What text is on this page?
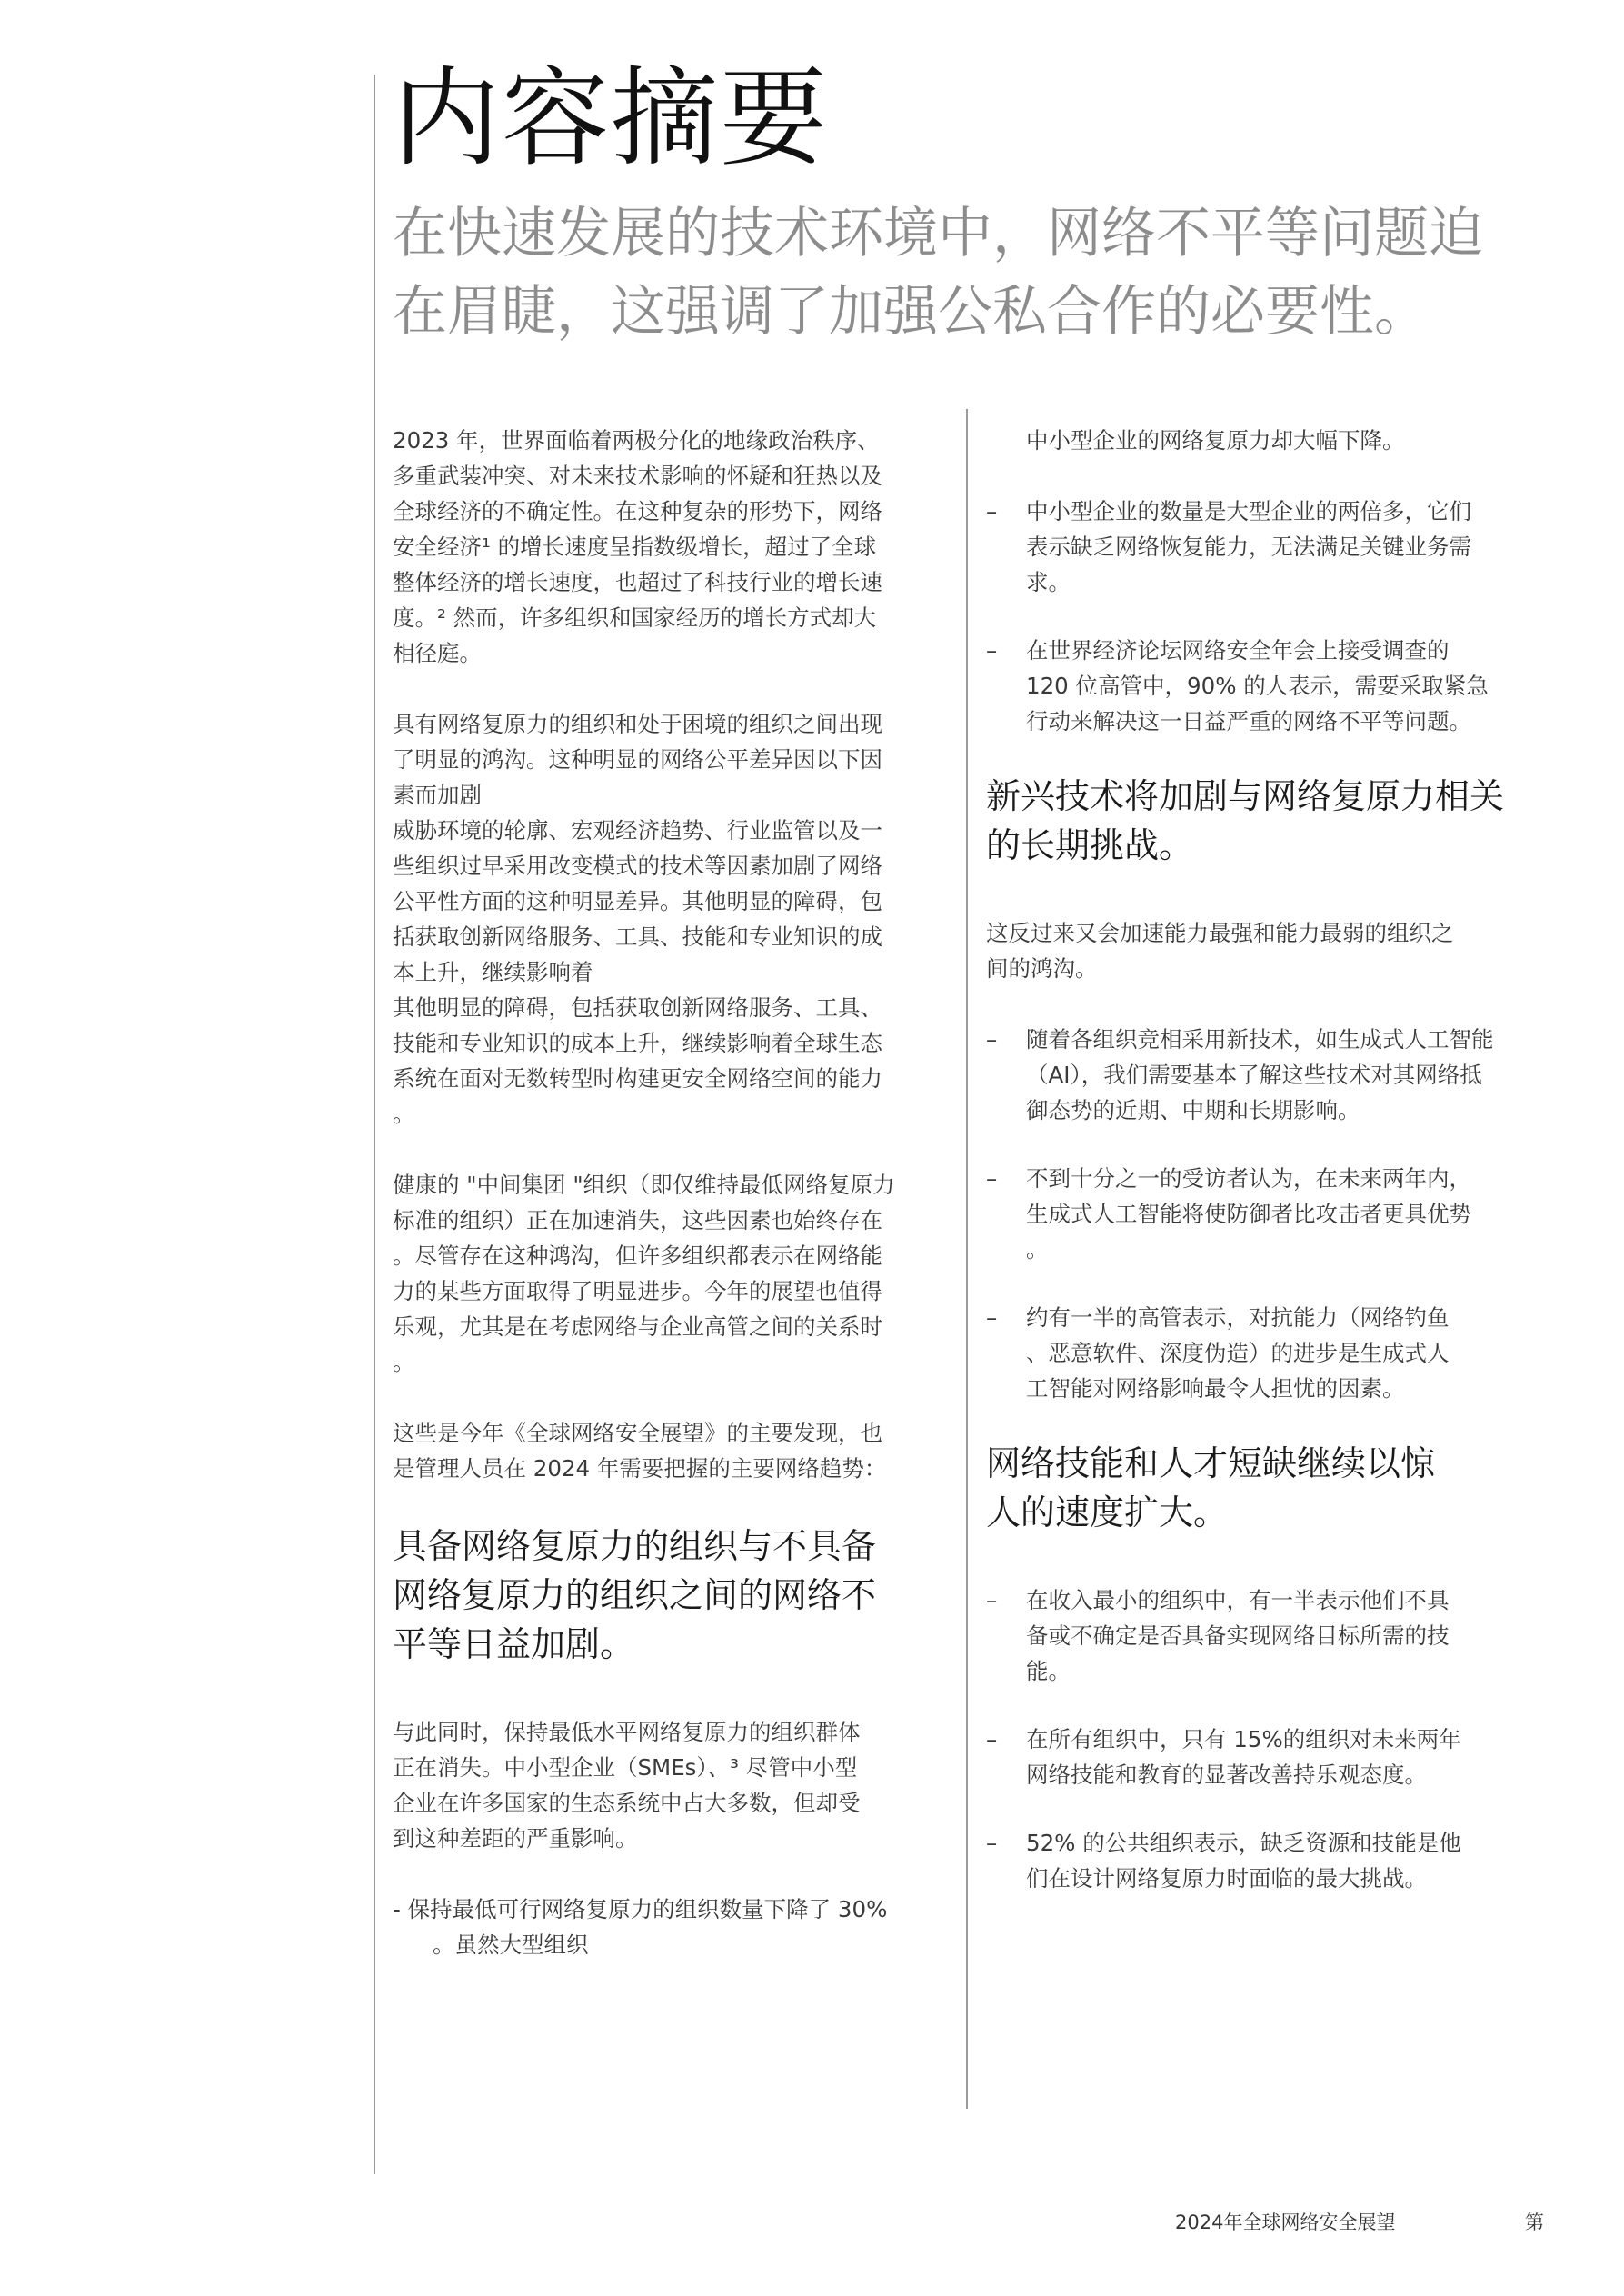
内容摘要
在快速发展的技术环境中，网络不平等问题迫
在眉睫，这强调了加强公私合作的必要性。
2023 年，世界面临着两极分化的地缘政治秩序、
多重武装冲突、对未来技术影响的怀疑和狂热以及
全球经济的不确定性。在这种复杂的形势下，网络
安全经济¹ 的增长速度呈指数级增长，超过了全球
整体经济的增长速度，也超过了科技行业的增长速
度。² 然而，许多组织和国家经历的增长方式却大
相径庭。
具有网络复原力的组织和处于困境的组织之间出现
了明显的鸿沟。这种明显的网络公平差异因以下因
素而加剧
威胁环境的轮廓、宏观经济趋势、行业监管以及一
些组织过早采用改变模式的技术等因素加剧了网络
公平性方面的这种明显差异。其他明显的障碍，包
括获取创新网络服务、工具、技能和专业知识的成
本上升，继续影响着
其他明显的障碍，包括获取创新网络服务、工具、
技能和专业知识的成本上升，继续影响着全球生态
系统在面对无数转型时构建更安全网络空间的能力
。
健康的 "中间集团 "组织（即仅维持最低网络复原力
标准的组织）正在加速消失，这些因素也始终存在
。尽管存在这种鸿沟，但许多组织都表示在网络能
力的某些方面取得了明显进步。今年的展望也值得
乐观，尤其是在考虑网络与企业高管之间的关系时
。
这些是今年《全球网络安全展望》的主要发现，也
是管理人员在 2024 年需要把握的主要网络趋势：
具备网络复原力的组织与不具备
网络复原力的组织之间的网络不
平等日益加剧。
与此同时，保持最低水平网络复原力的组织群体
正在消失。中小型企业（SMEs）、³ 尽管中小型
企业在许多国家的生态系统中占大多数，但却受
到这种差距的严重影响。
- 保持最低可行网络复原力的组织数量下降了 30%
。虽然大型组织
中小型企业的网络复原力却大幅下降。
– 中小型企业的数量是大型企业的两倍多，它们
表示缺乏网络恢复能力，无法满足关键业务需
求。
– 在世界经济论坛网络安全年会上接受调查的
120 位高管中，90% 的人表示，需要采取紧急
行动来解决这一日益严重的网络不平等问题。
新兴技术将加剧与网络复原力相关
的长期挑战。
这反过来又会加速能力最强和能力最弱的组织之
间的鸿沟。
– 随着各组织竞相采用新技术，如生成式人工智能
（AI），我们需要基本了解这些技术对其网络抵
御态势的近期、中期和长期影响。
– 不到十分之一的受访者认为，在未来两年内，
生成式人工智能将使防御者比攻击者更具优势
。
– 约有一半的高管表示，对抗能力（网络钓鱼
、恶意软件、深度伪造）的进步是生成式人
工智能对网络影响最令人担忧的因素。
网络技能和人才短缺继续以惊
人的速度扩大。
– 在收入最小的组织中，有一半表示他们不具
备或不确定是否具备实现网络目标所需的技
能。
– 在所有组织中，只有 15%的组织对未来两年
网络技能和教育的显著改善持乐观态度。
– 52% 的公共组织表示，缺乏资源和技能是他
们在设计网络复原力时面临的最大挑战。
2024年全球网络安全展望	第
